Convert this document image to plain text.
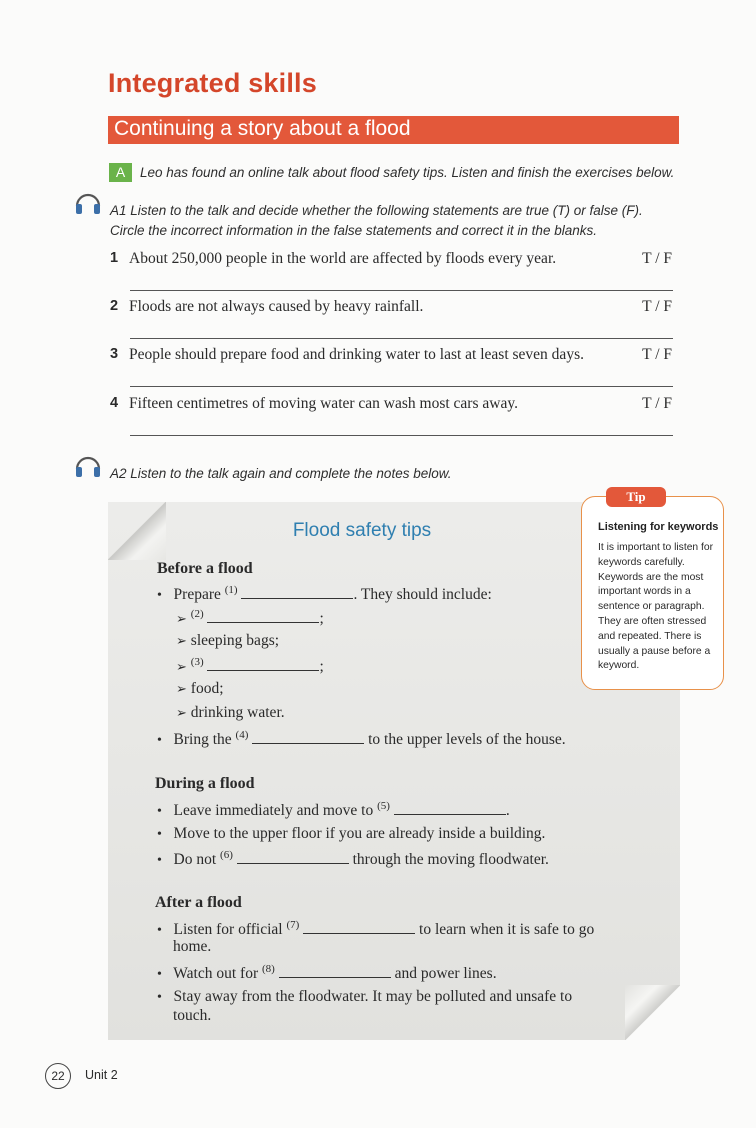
Integrated skills
Continuing a story about a flood
A	Leo has found an online talk about flood safety tips. Listen and finish the exercises below.
A1 Listen to the talk and decide whether the following statements are true (T) or false (F).
Circle the incorrect information in the false statements and correct it in the blanks.
1 About 250,000 people in the world are affected by floods every year.	T / F
2 Floods are not always caused by heavy rainfall.	T / F
3 People should prepare food and drinking water to last at least seven days.	T / F
4 Fifteen centimetres of moving water can wash most cars away.	T / F
A2 Listen to the talk again and complete the notes below.
Flood safety tips
Before a flood
• Prepare $^{(1)}$	. They should include:
➢ $^{(2)}$	;
➢ sleeping bags;
➢ $^{(3)}$	;
➢ food;
➢ drinking water.
• Bring the $^{(4)}$	to the upper levels of the house.
During a flood
• Leave immediately and move to $^{(5)}$	.
• Move to the upper floor if you are already inside a building.
• Do not $^{(6)}$	through the moving floodwater.
After a flood
• Listen for official $^{(7)}$	to learn when it is safe to go
home.
• Watch out for $^{(8)}$	and power lines.
• Stay away from the floodwater. It may be polluted and unsafe to
touch.
Tip
Listening for keywords
It is important to listen for keywords carefully. Keywords are the most important words in a sentence or paragraph. They are often stressed and repeated. There is usually a pause before a keyword.
22	Unit 2
